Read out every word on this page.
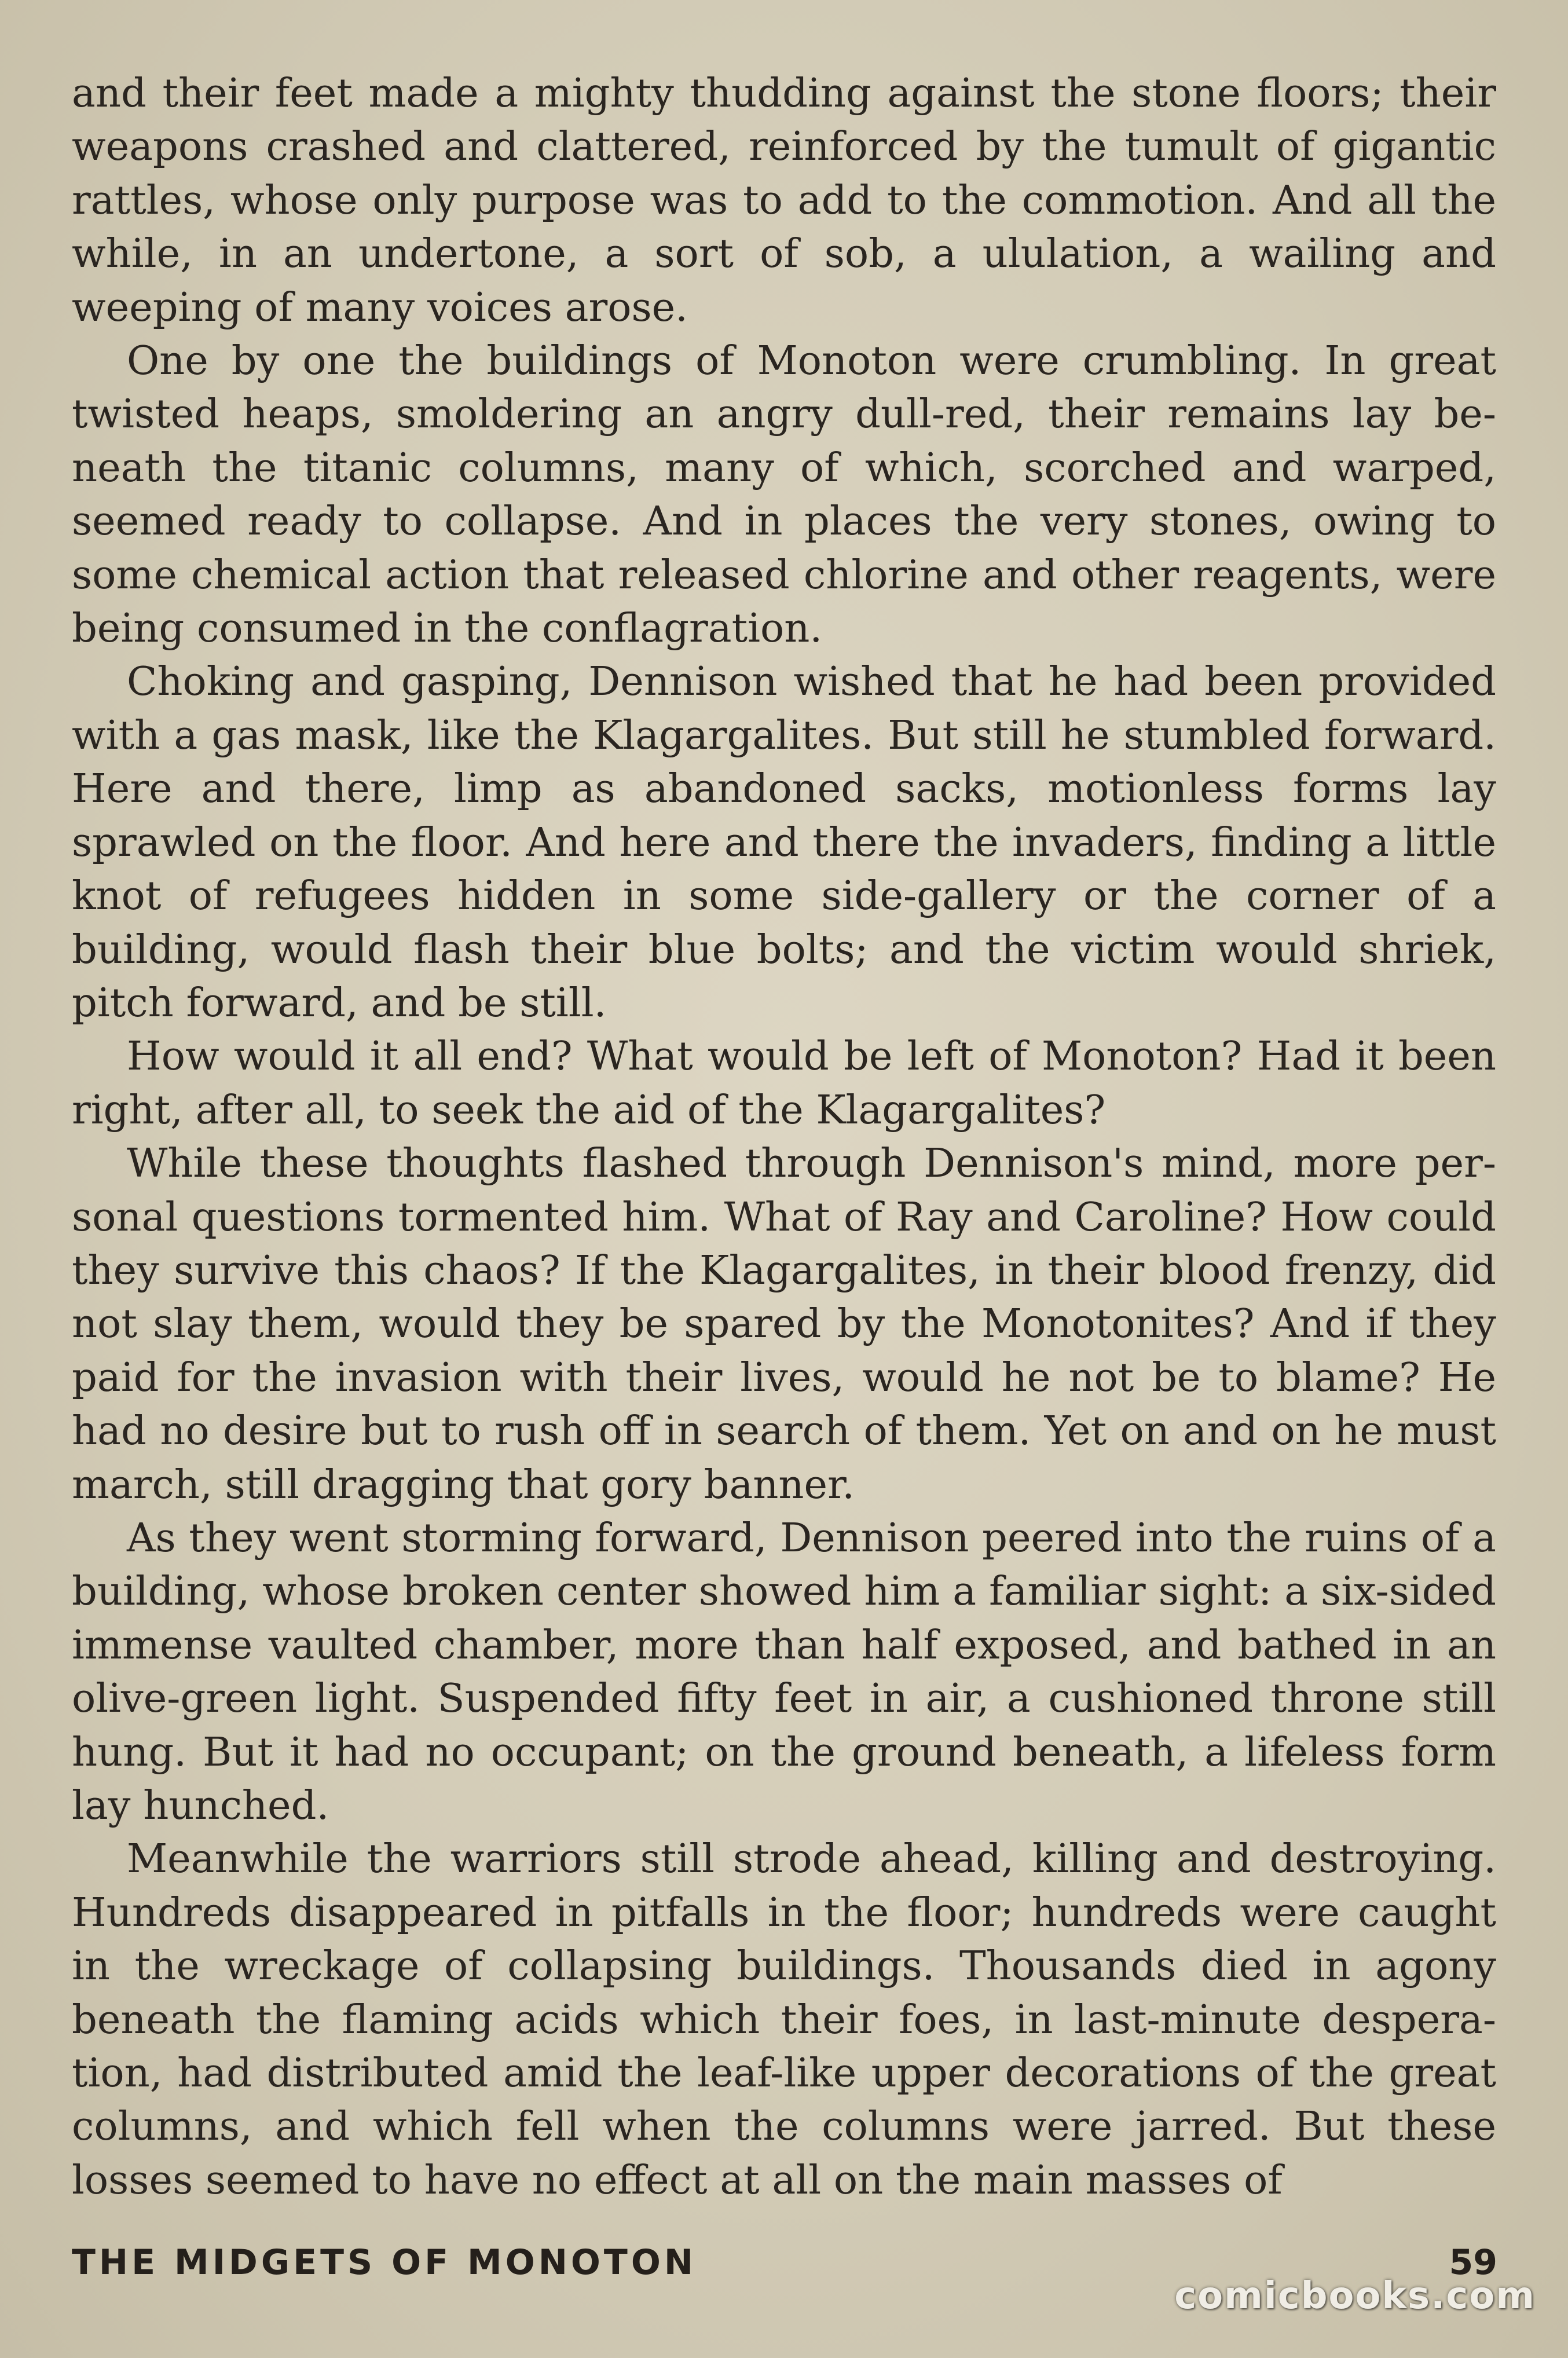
and their feet made a mighty thudding against the stone floors; their weapons crashed and clattered, reinforced by the tumult of gigantic rattles, whose only purpose was to add to the commotion. And all the while, in an undertone, a sort of sob, a ululation, a wailing and weeping of many voices arose.

One by one the buildings of Monoton were crumbling. In great twisted heaps, smoldering an angry dull-red, their remains lay beneath the titanic columns, many of which, scorched and warped, seemed ready to collapse. And in places the very stones, owing to some chemical action that released chlorine and other reagents, were being consumed in the conflagration.

Choking and gasping, Dennison wished that he had been provided with a gas mask, like the Klagargalites. But still he stumbled forward. Here and there, limp as abandoned sacks, motionless forms lay sprawled on the floor. And here and there the invaders, finding a little knot of refugees hidden in some side-gallery or the corner of a building, would flash their blue bolts; and the victim would shriek, pitch forward, and be still.

How would it all end? What would be left of Monoton? Had it been right, after all, to seek the aid of the Klagargalites?

While these thoughts flashed through Dennison's mind, more personal questions tormented him. What of Ray and Caroline? How could they survive this chaos? If the Klagargalites, in their blood frenzy, did not slay them, would they be spared by the Monotonites? And if they paid for the invasion with their lives, would he not be to blame? He had no desire but to rush off in search of them. Yet on and on he must march, still dragging that gory banner.

As they went storming forward, Dennison peered into the ruins of a building, whose broken center showed him a familiar sight: a six-sided immense vaulted chamber, more than half exposed, and bathed in an olive-green light. Suspended fifty feet in air, a cushioned throne still hung. But it had no occupant; on the ground beneath, a lifeless form lay hunched.

Meanwhile the warriors still strode ahead, killing and destroying. Hundreds disappeared in pitfalls in the floor; hundreds were caught in the wreckage of collapsing buildings. Thousands died in agony beneath the flaming acids which their foes, in last-minute desperation, had distributed amid the leaf-like upper decorations of the great columns, and which fell when the columns were jarred. But these losses seemed to have no effect at all on the main masses of

THE MIDGETS OF MONOTON	59
comicbooks.com
